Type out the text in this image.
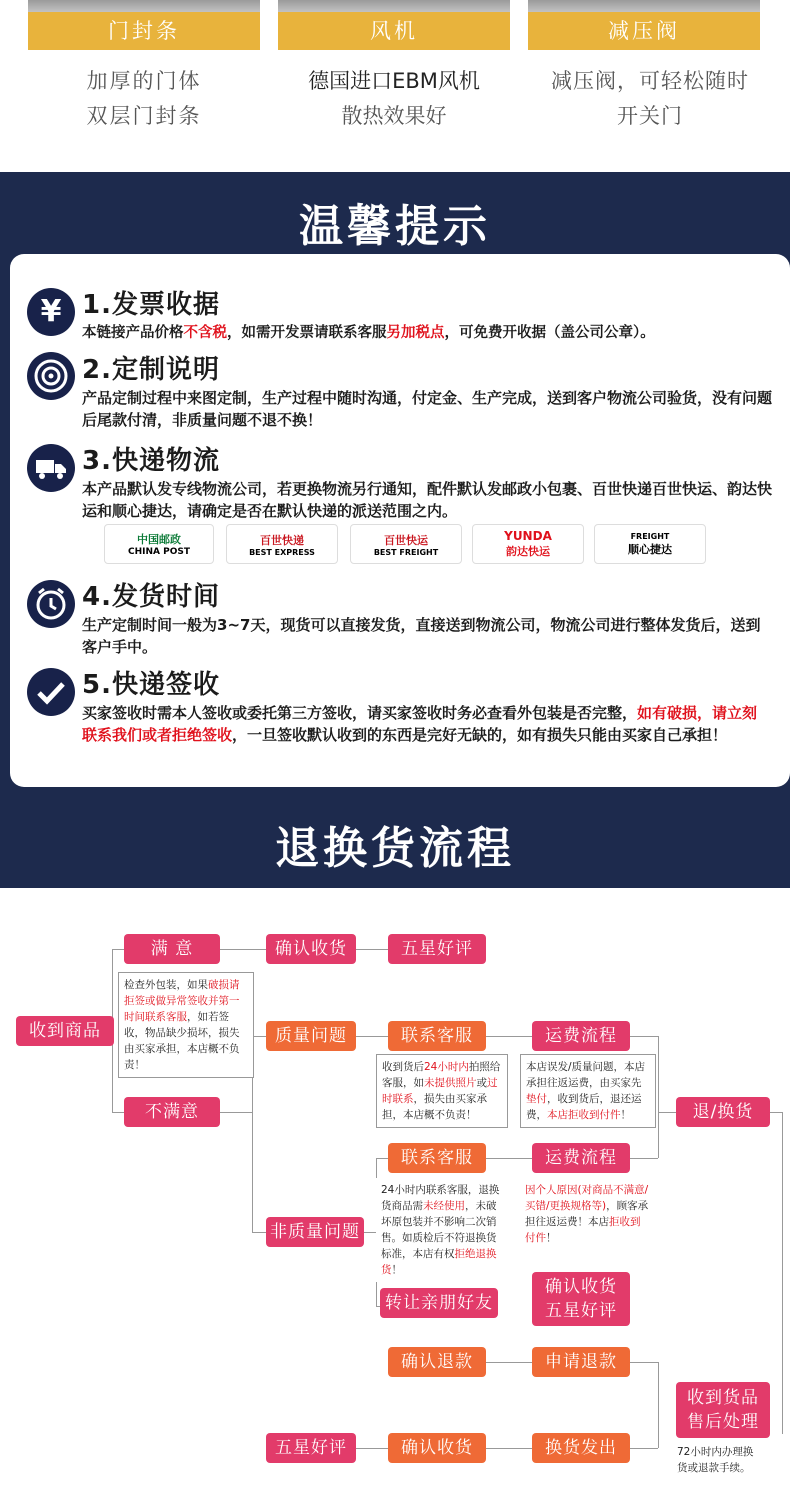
门封条	风机	减压阀
加厚的门体
双层门封条
德国进口EBM风机
散热效果好
减压阀，可轻松随时
开关门
温馨提示
退换货流程
¥ 1.发票收据
本链接产品价格不含税，如需开发票请联系客服另加税点，可免费开收据（盖公司公章）。
2.定制说明
产品定制过程中来图定制，生产过程中随时沟通，付定金、生产完成，送到客户物流公司验货，没有问题后尾款付清，非质量问题不退不换！
3.快递物流
本产品默认发专线物流公司，若更换物流另行通知，配件默认发邮政小包裹、百世快递百世快运、韵达快运和顺心捷达，请确定是否在默认快递的派送范围之内。
4.发货时间
生产定制时间一般为3~7天，现货可以直接发货，直接送到物流公司，物流公司进行整体发货后，送到客户手中。
5.快递签收
买家签收时需本人签收或委托第三方签收，请买家签收时务必查看外包装是否完整，如有破损，请立刻联系我们或者拒绝签收，一旦签收默认收到的东西是完好无缺的，如有损失只能由买家自己承担！
中国邮政
CHINA POST
百世快递
BEST EXPRESS
百世快运
BEST FREIGHT
YUNDA
韵达快运
FREIGHT
顺心捷达
收到商品
满 意
不满意
确认收货	五星好评
质量问题	联系客服	运费流程
退/换货
非质量问题
联系客服	运费流程
转让亲朋好友
确认收货
五星好评
确认退款	申请退款
收到货品
售后处理
五星好评	确认收货	换货发出
检查外包装，如果破损请拒签或做异常签收并第一时间联系客服，如若签收，物品缺少损坏，损失由买家承担，本店概不负责！	收到货后24小时内拍照给客服，如未提供照片或过时联系，损失由买家承担，本店概不负责！
本店误发/质量问题，本店承担往返运费，由买家先垫付，收到货后，退还运费，本店拒收到付件！
24小时内联系客服，退换货商品需未经使用，未破坏原包装并不影响二次销售。如质检后不符退换货标准，本店有权拒绝退换货！
因个人原因(对商品不满意/买错/更换规格等)，顾客承担往返运费！本店拒收到付件！
72小时内办理换
货或退款手续。
